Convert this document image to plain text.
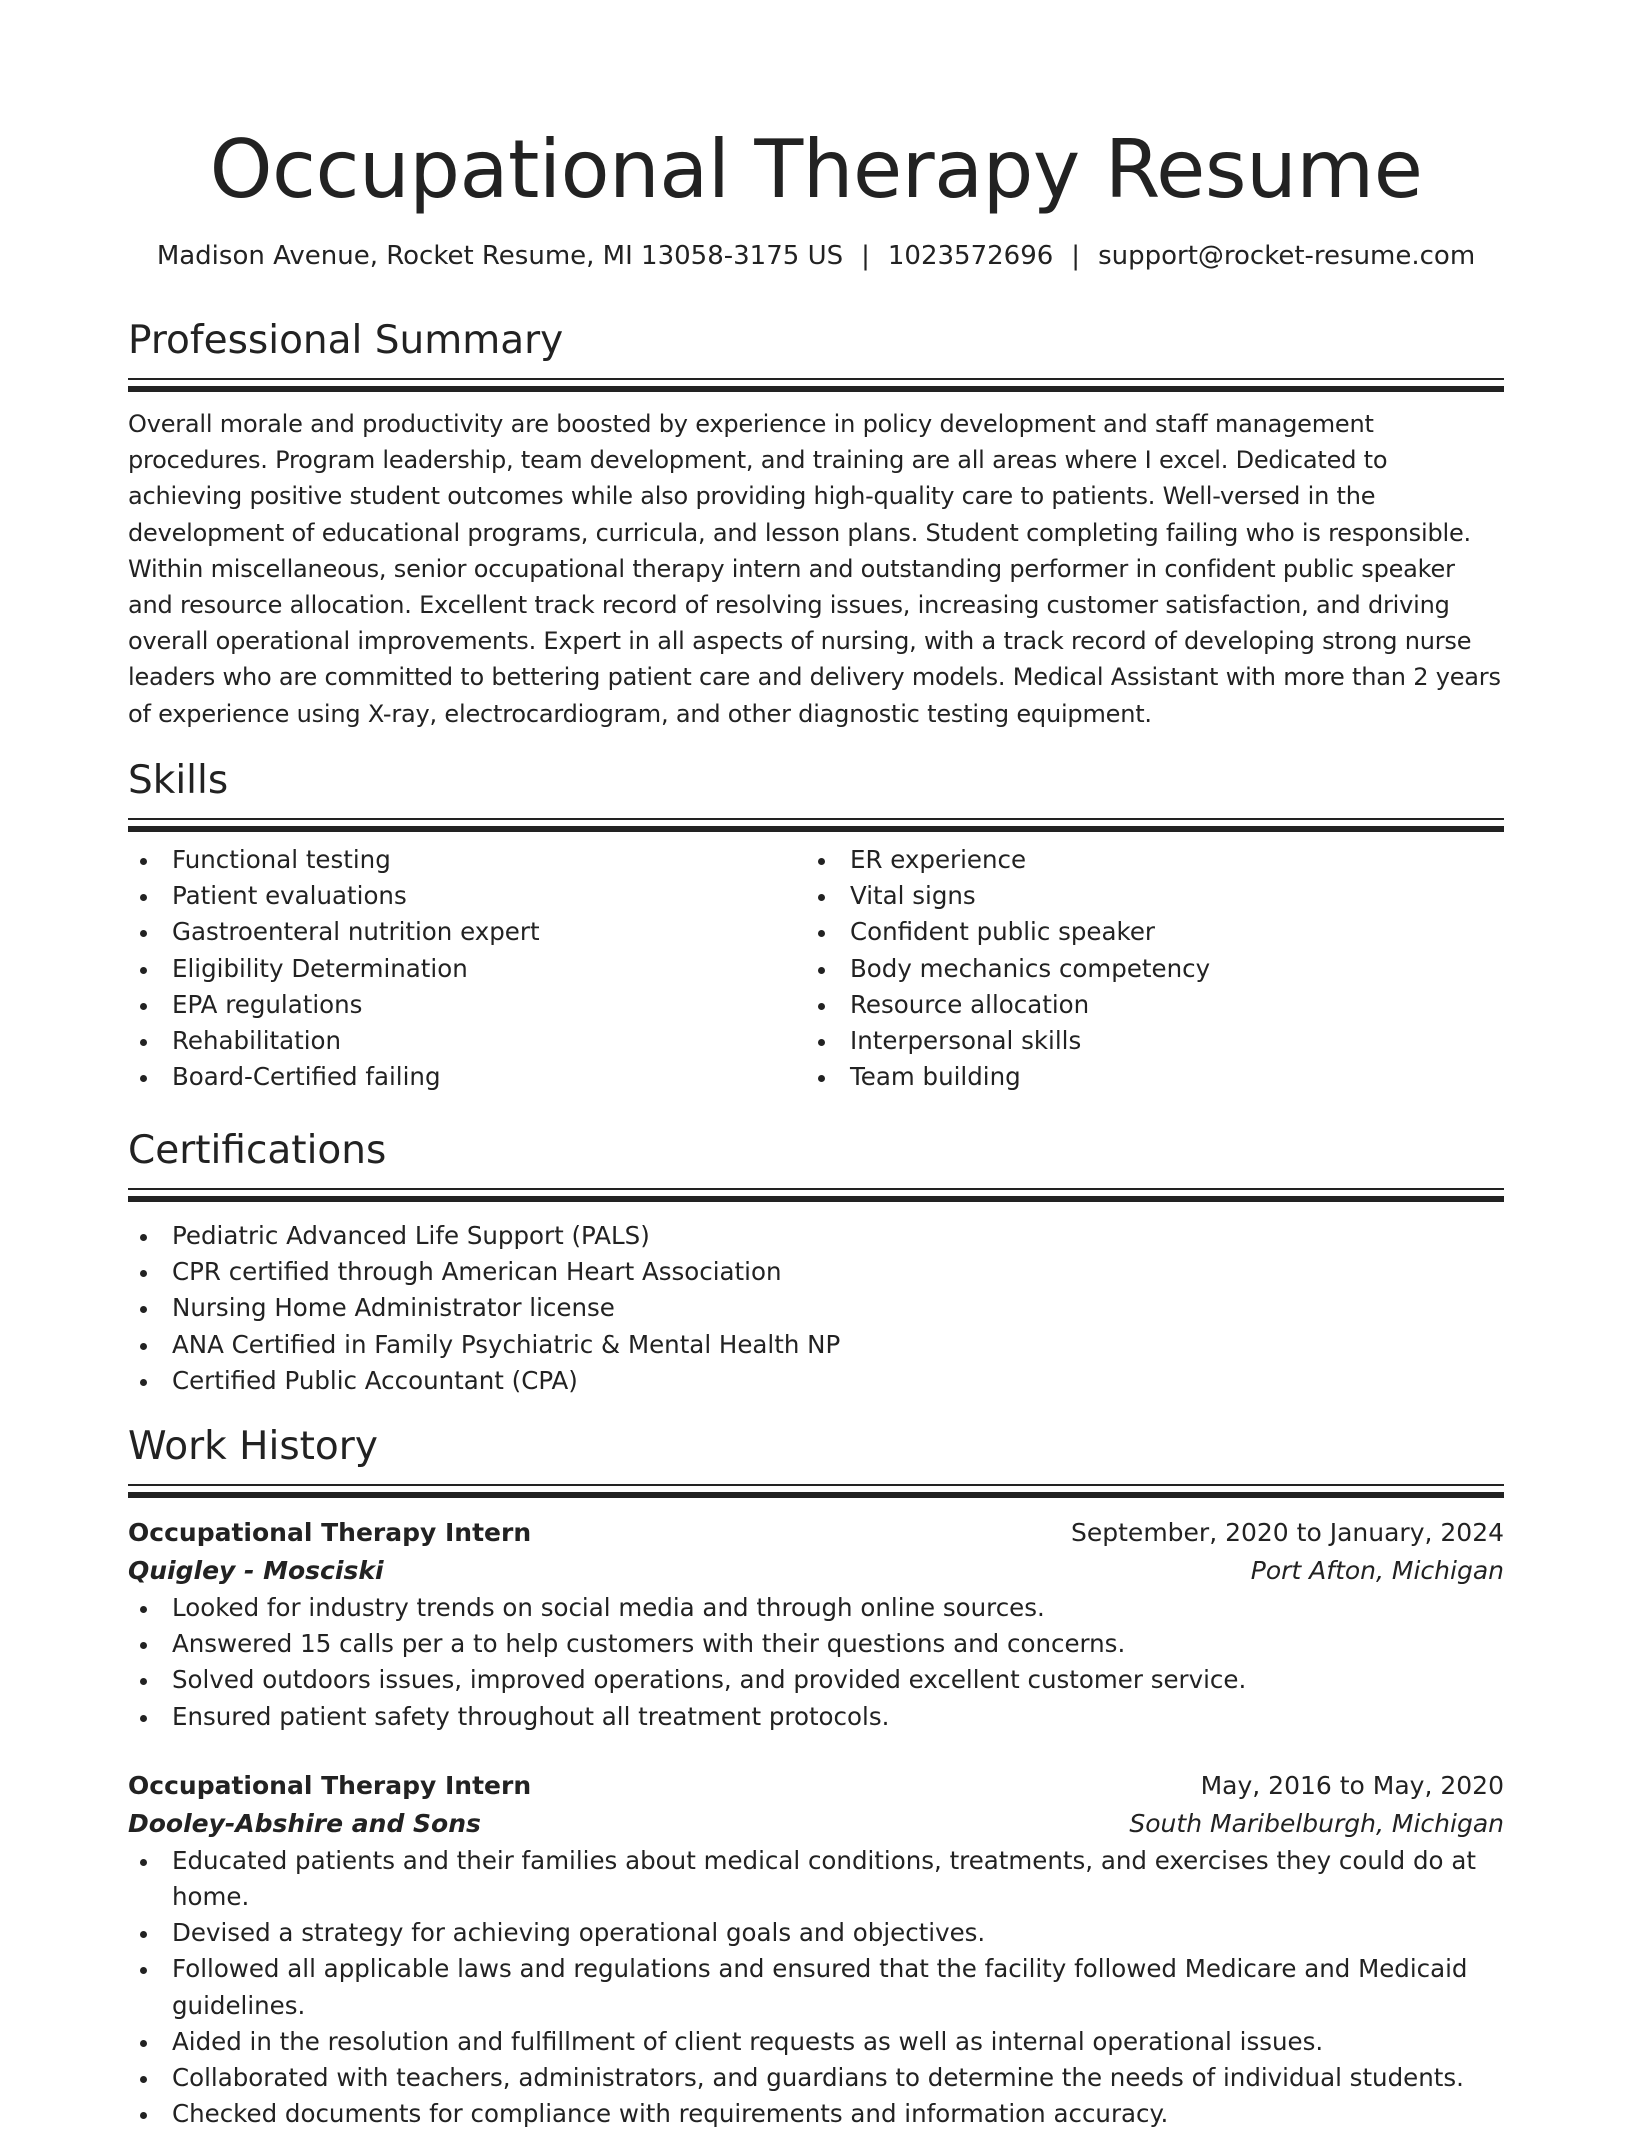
Occupational Therapy Resume
Madison Avenue, Rocket Resume, MI 13058-3175 US | 1023572696 | support@rocket-resume.com
Professional Summary
Overall morale and productivity are boosted by experience in policy development and staff management procedures. Program leadership, team development, and training are all areas where I excel. Dedicated to achieving positive student outcomes while also providing high-quality care to patients. Well-versed in the development of educational programs, curricula, and lesson plans. Student completing failing who is responsible. Within miscellaneous, senior occupational therapy intern and outstanding performer in confident public speaker and resource allocation. Excellent track record of resolving issues, increasing customer satisfaction, and driving overall operational improvements. Expert in all aspects of nursing, with a track record of developing strong nurse leaders who are committed to bettering patient care and delivery models. Medical Assistant with more than 2 years of experience using X-ray, electrocardiogram, and other diagnostic testing equipment.
Skills
Functional testing
Patient evaluations
Gastroenteral nutrition expert
Eligibility Determination
EPA regulations
Rehabilitation
Board-Certified failing
ER experience
Vital signs
Confident public speaker
Body mechanics competency
Resource allocation
Interpersonal skills
Team building
Certifications
Pediatric Advanced Life Support (PALS)
CPR certified through American Heart Association
Nursing Home Administrator license
ANA Certified in Family Psychiatric & Mental Health NP
Certified Public Accountant (CPA)
Work History
Occupational Therapy Intern	September, 2020 to January, 2024
Quigley - Mosciski	Port Afton, Michigan
Looked for industry trends on social media and through online sources.
Answered 15 calls per a to help customers with their questions and concerns.
Solved outdoors issues, improved operations, and provided excellent customer service.
Ensured patient safety throughout all treatment protocols.
Occupational Therapy Intern	May, 2016 to May, 2020
Dooley-Abshire and Sons	South Maribelburgh, Michigan
Educated patients and their families about medical conditions, treatments, and exercises they could do at home.
Devised a strategy for achieving operational goals and objectives.
Followed all applicable laws and regulations and ensured that the facility followed Medicare and Medicaid guidelines.
Aided in the resolution and fulfillment of client requests as well as internal operational issues.
Collaborated with teachers, administrators, and guardians to determine the needs of individual students.
Checked documents for compliance with requirements and information accuracy.
